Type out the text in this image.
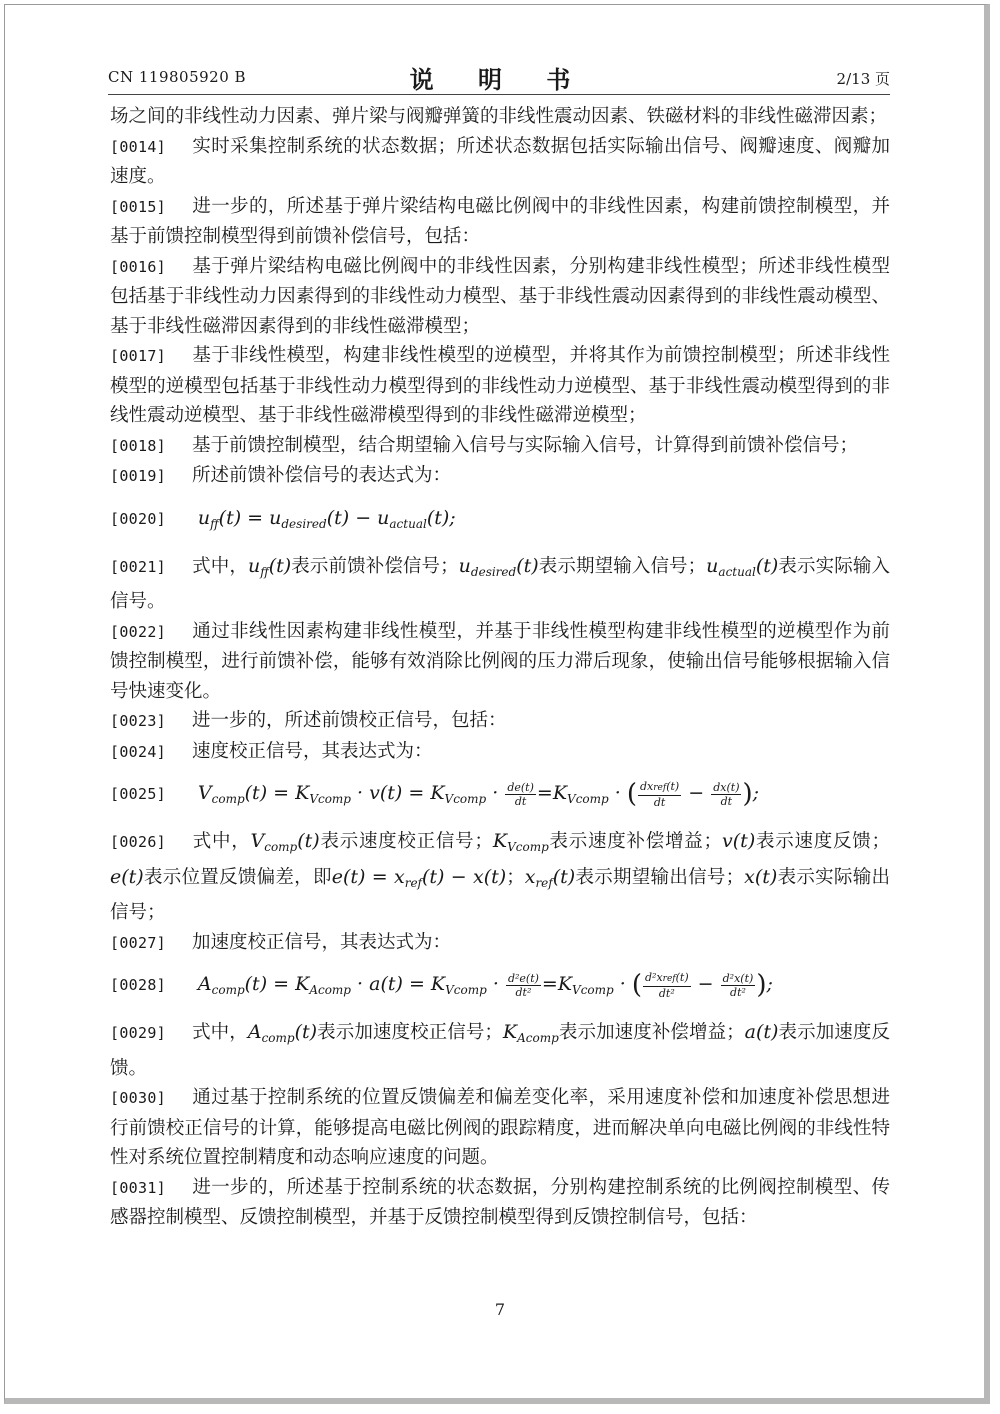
CN 119805920 B	说 明 书	2/13 页

场之间的非线性动力因素、弹片梁与阀瓣弹簧的非线性震动因素、铁磁材料的非线性磁滞因素；

[0014] 实时采集控制系统的状态数据；所述状态数据包括实际输出信号、阀瓣速度、阀瓣加速度。

[0015] 进一步的，所述基于弹片梁结构电磁比例阀中的非线性因素，构建前馈控制模型，并基于前馈控制模型得到前馈补偿信号，包括：

[0016] 基于弹片梁结构电磁比例阀中的非线性因素，分别构建非线性模型；所述非线性模型包括基于非线性动力因素得到的非线性动力模型、基于非线性震动因素得到的非线性震动模型、基于非线性磁滞因素得到的非线性磁滞模型；

[0017] 基于非线性模型，构建非线性模型的逆模型，并将其作为前馈控制模型；所述非线性模型的逆模型包括基于非线性动力模型得到的非线性动力逆模型、基于非线性震动模型得到的非线性震动逆模型、基于非线性磁滞模型得到的非线性磁滞逆模型；

[0018] 基于前馈控制模型，结合期望输入信号与实际输入信号，计算得到前馈补偿信号；

[0019] 所述前馈补偿信号的表达式为：

[0020] $u_{ff}(t) = u_{desired}(t) - u_{actual}(t)$;

[0021] 式中，$u_{ff}(t)$表示前馈补偿信号；$u_{desired}(t)$表示期望输入信号；$u_{actual}(t)$表示实际输入信号。

[0022] 通过非线性因素构建非线性模型，并基于非线性模型构建非线性模型的逆模型作为前馈控制模型，进行前馈补偿，能够有效消除比例阀的压力滞后现象，使输出信号能够根据输入信号快速变化。

[0023] 进一步的，所述前馈校正信号，包括：

[0024] 速度校正信号，其表达式为：

[0025] $V_{comp}(t) = K_{Vcomp} \cdot v(t) = K_{Vcomp} \cdot \frac{de(t)}{dt} =K_{Vcomp}$ · ( $\frac{\text{dxref(t)}}{dt} - \frac{dx(t)}{dt}$ );

[0026] 式中，$V_{comp}(t)$表示速度校正信号；$K_{Vcomp}$表示速度补偿增益；v(t)表示速度反馈；e(t)表示位置反馈偏差，即$e(t) = x_{ref}(t) - x(t)$；$x_{ref}(t)$表示期望输出信号；x(t)表示实际输出信号；

[0027] 加速度校正信号，其表达式为：

[0028] $A_{comp}(t) = K_{Acomp} \cdot a(t) = K_{Vcomp} \cdot \frac{\text{d²e(t)}}{\text{dt²}} =K_{Vcomp}$ · ( $\frac{\text{d²xref(t)}}{\text{dt²}} - \frac{\text{d²x(t)}}{\text{dt²}}$ );

[0029] 式中，$A_{comp}(t)$表示加速度校正信号；$K_{Acomp}$表示加速度补偿增益；a(t)表示加速度反馈。

[0030] 通过基于控制系统的位置反馈偏差和偏差变化率，采用速度补偿和加速度补偿思想进行前馈校正信号的计算，能够提高电磁比例阀的跟踪精度，进而解决单向电磁比例阀的非线性特性对系统位置控制精度和动态响应速度的问题。

[0031] 进一步的，所述基于控制系统的状态数据，分别构建控制系统的比例阀控制模型、传感器控制模型、反馈控制模型，并基于反馈控制模型得到反馈控制信号，包括：

7
